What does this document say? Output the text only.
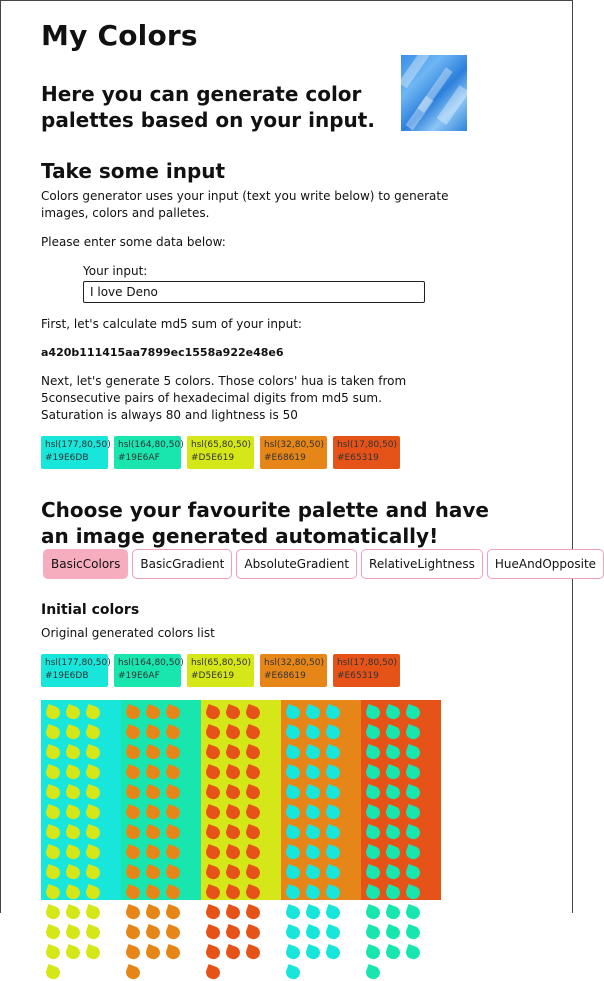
My Colors
Here you can generate color palettes based on your input.
Take some input
Colors generator uses your input (text you write below) to generate images, colors and palletes.
Please enter some data below:
Your input:
I love Deno
First, let's calculate md5 sum of your input:
a420b111415aa7899ec1558a922e48e6
Next, let's generate 5 colors. Those colors' hua is taken from 5consecutive pairs of hexadecimal digits from md5 sum. Saturation is always 80 and lightness is 50
hsl(177,80,50)
#19E6DB
hsl(164,80,50)
#19E6AF
hsl(65,80,50)
#D5E619
hsl(32,80,50)
#E68619
hsl(17,80,50)
#E65319
Choose your favourite palette and have an image generated automatically!
BasicColors	BasicGradient	AbsoluteGradient	RelativeLightness	HueAndOpposite
Initial colors
Original generated colors list
hsl(177,80,50)
#19E6DB
hsl(164,80,50)
#19E6AF
hsl(65,80,50)
#D5E619
hsl(32,80,50)
#E68619
hsl(17,80,50)
#E65319
